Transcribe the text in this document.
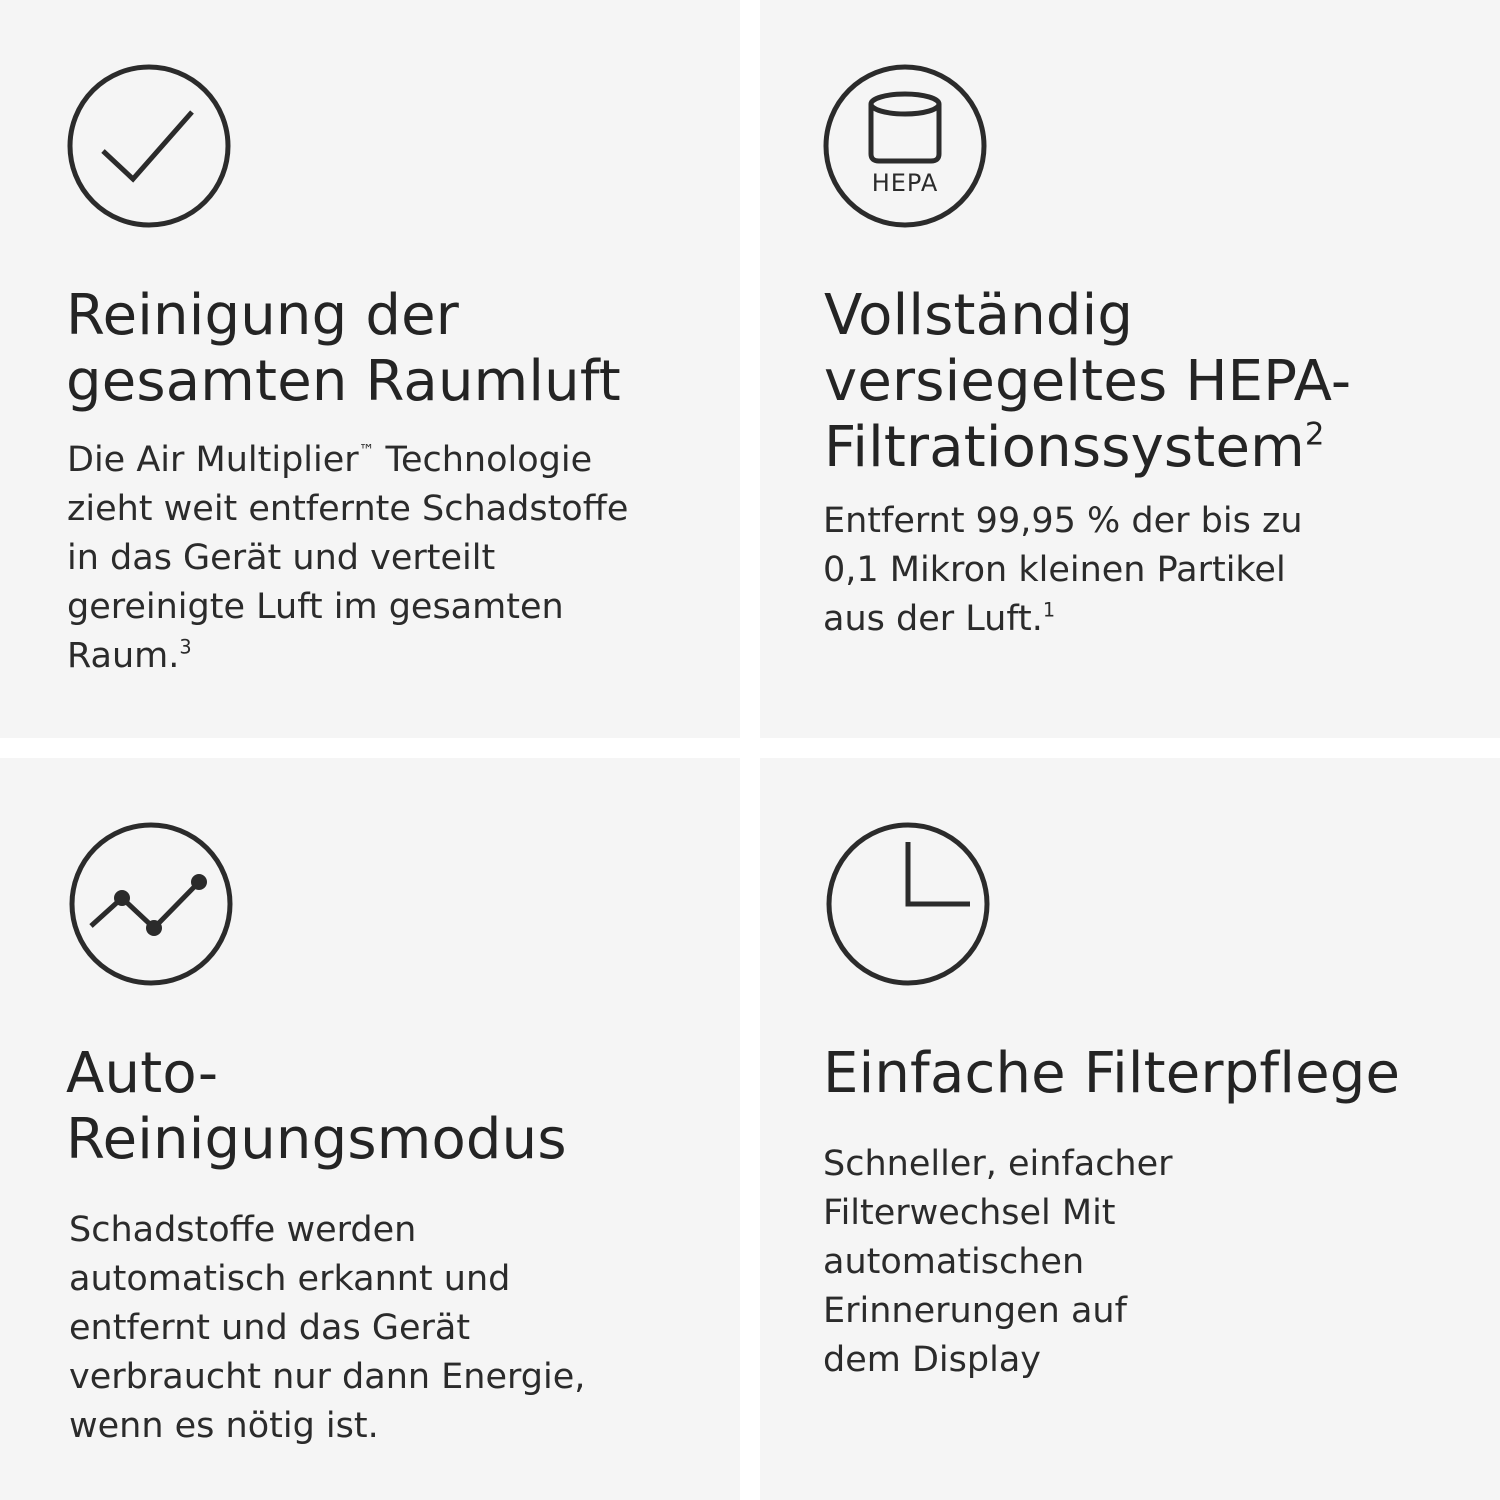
Reinigung der
gesamten Raumluft

Die Air Multiplier™ Technologie
zieht weit entfernte Schadstoffe
in das Gerät und verteilt
gereinigte Luft im gesamten
Raum.$^3$

HEPA
Vollständig
versiegeltes HEPA-
Filtrationssystem$^2$

Entfernt 99,95 % der bis zu
0,1 Mikron kleinen Partikel
aus der Luft.$^1$

Auto-
Reinigungsmodus

Schadstoffe werden
automatisch erkannt und
entfernt und das Gerät
verbraucht nur dann Energie,
wenn es nötig ist.

Einfache Filterpflege

Schneller, einfacher
Filterwechsel Mit
automatischen
Erinnerungen auf
dem Display
